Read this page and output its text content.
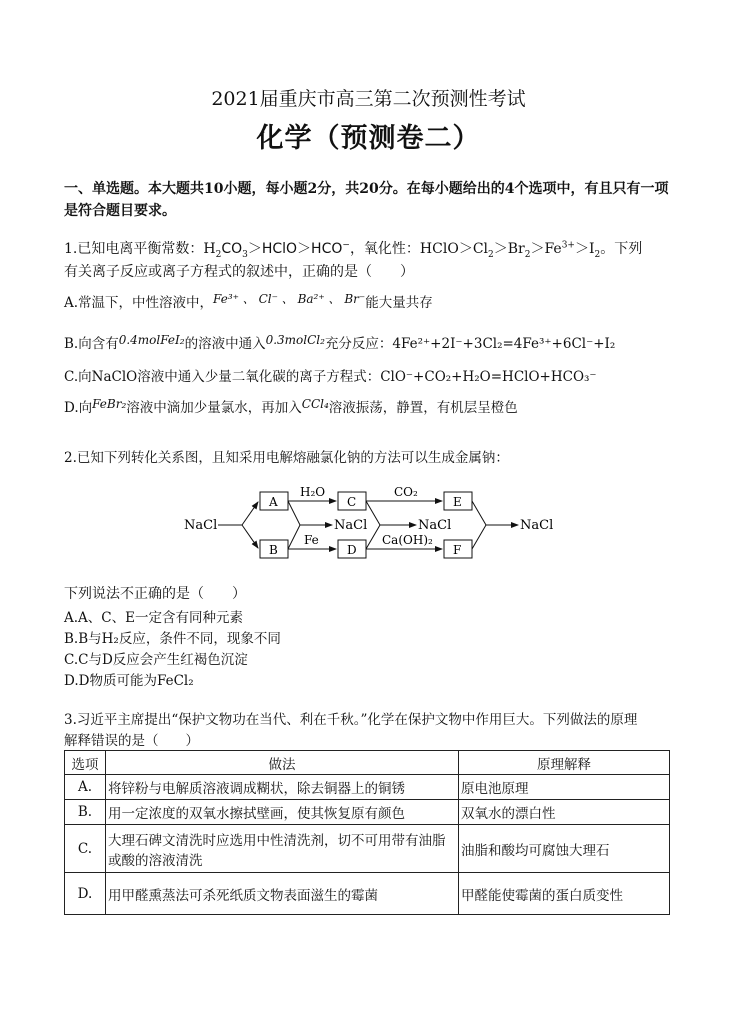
2021届重庆市高三第二次预测性考试
化学（预测卷二）
一、单选题。本大题共10小题，每小题2分，共20分。在每小题给出的4个选项中，有且只有一项是符合题目要求。
1.已知电离平衡常数：$H_2CO_3>HClO>HCO^-$，氧化性：$HClO>Cl_2>Br_2>Fe^{3+}>I_2$。下列
有关离子反应或离子方程式的叙述中，正确的是（　　）
A.常温下，中性溶液中，Fe³⁺ 、 Cl⁻ 、 Ba²⁺ 、 Br⁻能大量共存
B.向含有0.4molFeI₂的溶液中通入0.3molCl₂充分反应：4Fe²⁺+2I⁻+3Cl₂=4Fe³⁺+6Cl⁻+I₂
C.向NaClO溶液中通入少量二氧化碳的离子方程式：ClO⁻+CO₂+H₂O=HClO+HCO₃⁻
D.向FeBr₂溶液中滴加少量氯水，再加入CCl₄溶液振荡，静置，有机层呈橙色
2.已知下列转化关系图，且知采用电解熔融氯化钠的方法可以生成金属钠：
NaCl
A
B
C
D
E
F
H₂O
Fe
CO₂
Ca(OH)₂
NaCl	NaCl	NaCl
下列说法不正确的是（　　）
A.A、C、E一定含有同种元素
B.B与H₂反应，条件不同，现象不同
C.C与D反应会产生红褐色沉淀
D.D物质可能为FeCl₂
3.习近平主席提出“保护文物功在当代、利在千秋。”化学在保护文物中作用巨大。下列做法的原理
解释错误的是（　　）
选项	做法	原理解释
A.	将锌粉与电解质溶液调成糊状，除去铜器上的铜锈	原电池原理
B.	用一定浓度的双氧水擦拭壁画，使其恢复原有颜色	双氧水的漂白性
C.	大理石碑文清洗时应选用中性清洗剂，切不可用带有油脂或酸的溶液清洗	油脂和酸均可腐蚀大理石
D.	用甲醛熏蒸法可杀死纸质文物表面滋生的霉菌	甲醛能使霉菌的蛋白质变性
